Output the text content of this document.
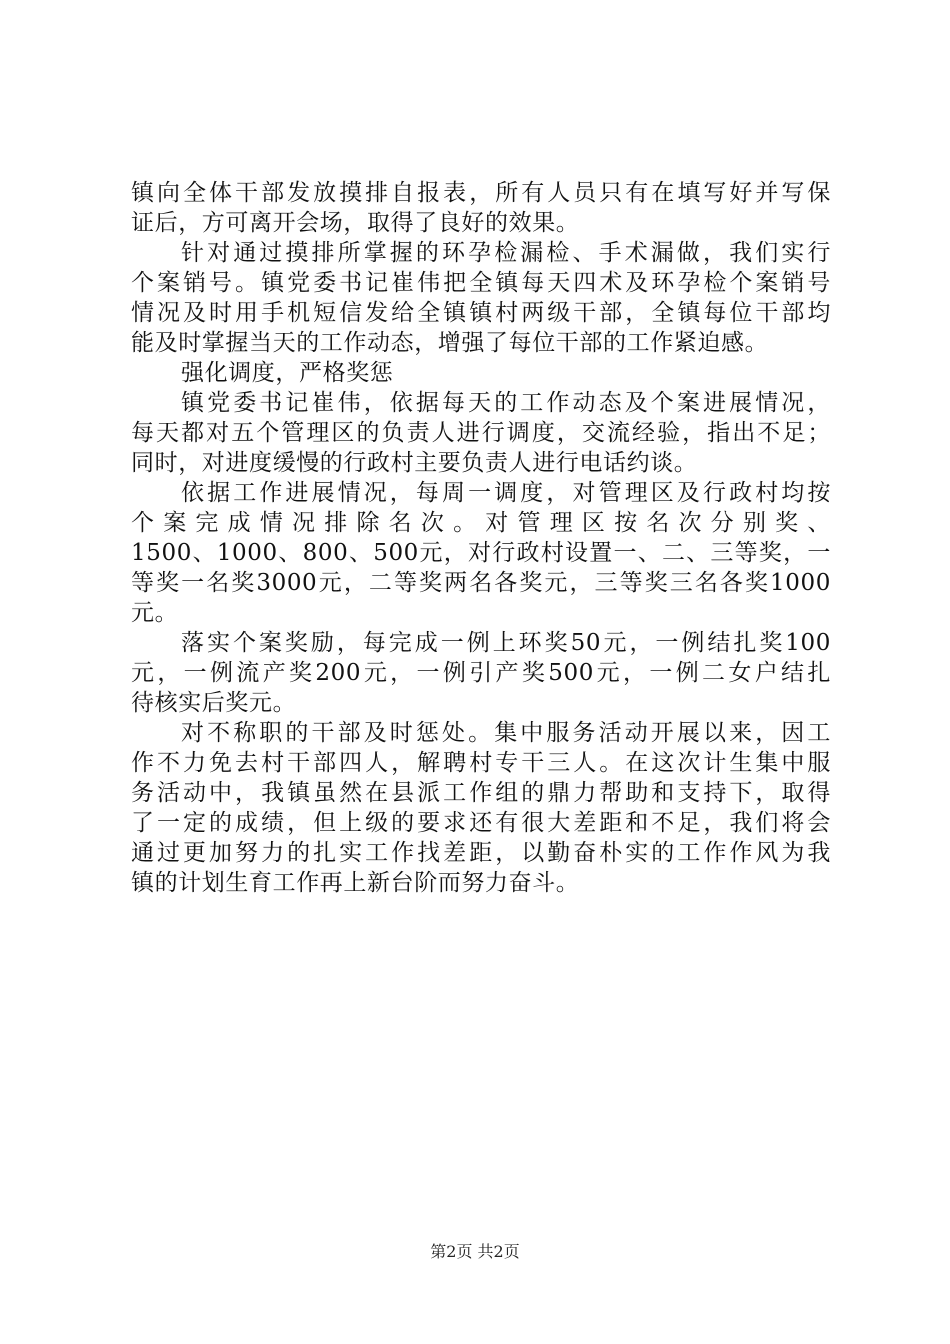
镇向全体干部发放摸排自报表，所有人员只有在填写好并写保
证后，方可离开会场，取得了良好的效果。
针对通过摸排所掌握的环孕检漏检、手术漏做，我们实行
个案销号。镇党委书记崔伟把全镇每天四术及环孕检个案销号
情况及时用手机短信发给全镇镇村两级干部，全镇每位干部均
能及时掌握当天的工作动态，增强了每位干部的工作紧迫感。
强化调度，严格奖惩
镇党委书记崔伟，依据每天的工作动态及个案进展情况，
每天都对五个管理区的负责人进行调度，交流经验，指出不足；
同时，对进度缓慢的行政村主要负责人进行电话约谈。
依据工作进展情况，每周一调度，对管理区及行政村均按
个案完成情况排除名次。对管理区按名次分别奖、
1500、1000、800、500元，对行政村设置一、二、三等奖，一
等奖一名奖3000元，二等奖两名各奖元，三等奖三名各奖1000
元。
落实个案奖励，每完成一例上环奖50元，一例结扎奖100
元，一例流产奖200元，一例引产奖500元，一例二女户结扎
待核实后奖元。
对不称职的干部及时惩处。集中服务活动开展以来，因工
作不力免去村干部四人，解聘村专干三人。在这次计生集中服
务活动中，我镇虽然在县派工作组的鼎力帮助和支持下，取得
了一定的成绩，但上级的要求还有很大差距和不足，我们将会
通过更加努力的扎实工作找差距，以勤奋朴实的工作作风为我
镇的计划生育工作再上新台阶而努力奋斗。
第2页 共2页
